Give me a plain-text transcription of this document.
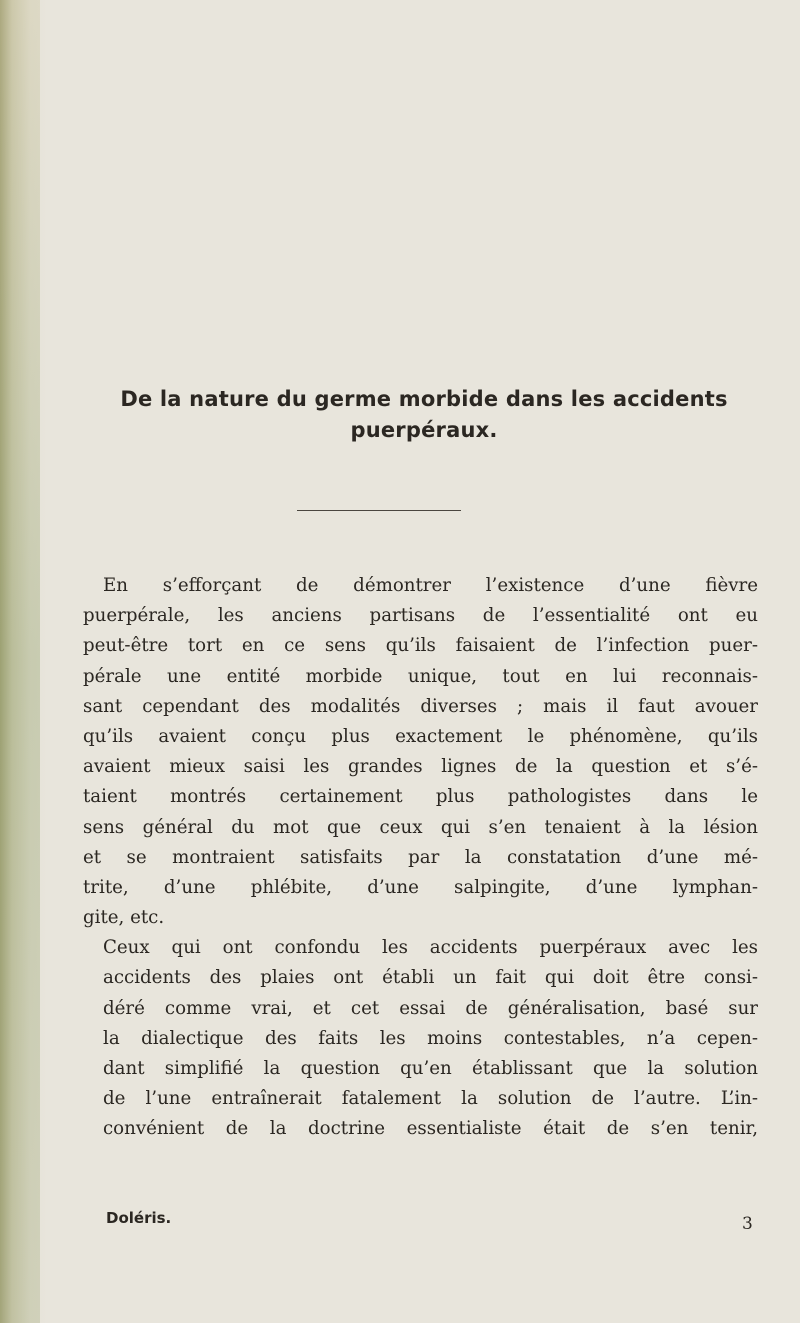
De la nature du germe morbide dans les accidents
puerpéraux.
En s’efforçant de démontrer l’existence d’une fièvre
puerpérale, les anciens partisans de l’essentialité ont eu
peut-être tort en ce sens qu’ils faisaient de l’infection puer-
pérale une entité morbide unique, tout en lui reconnais-
sant cependant des modalités diverses ; mais il faut avouer
qu’ils avaient conçu plus exactement le phénomène, qu’ils
avaient mieux saisi les grandes lignes de la question et s’é-
taient montrés certainement plus pathologistes dans le
sens général du mot que ceux qui s’en tenaient à la lésion
et se montraient satisfaits par la constatation d’une mé-
trite, d’une phlébite, d’une salpingite, d’une lymphan-
gite, etc.
Ceux qui ont confondu les accidents puerpéraux avec les
accidents des plaies ont établi un fait qui doit être consi-
déré comme vrai, et cet essai de généralisation, basé sur
la dialectique des faits les moins contestables, n’a cepen-
dant simplifié la question qu’en établissant que la solution
de l’une entraînerait fatalement la solution de l’autre. L’in-
convénient de la doctrine essentialiste était de s’en tenir,
Doléris.	3
